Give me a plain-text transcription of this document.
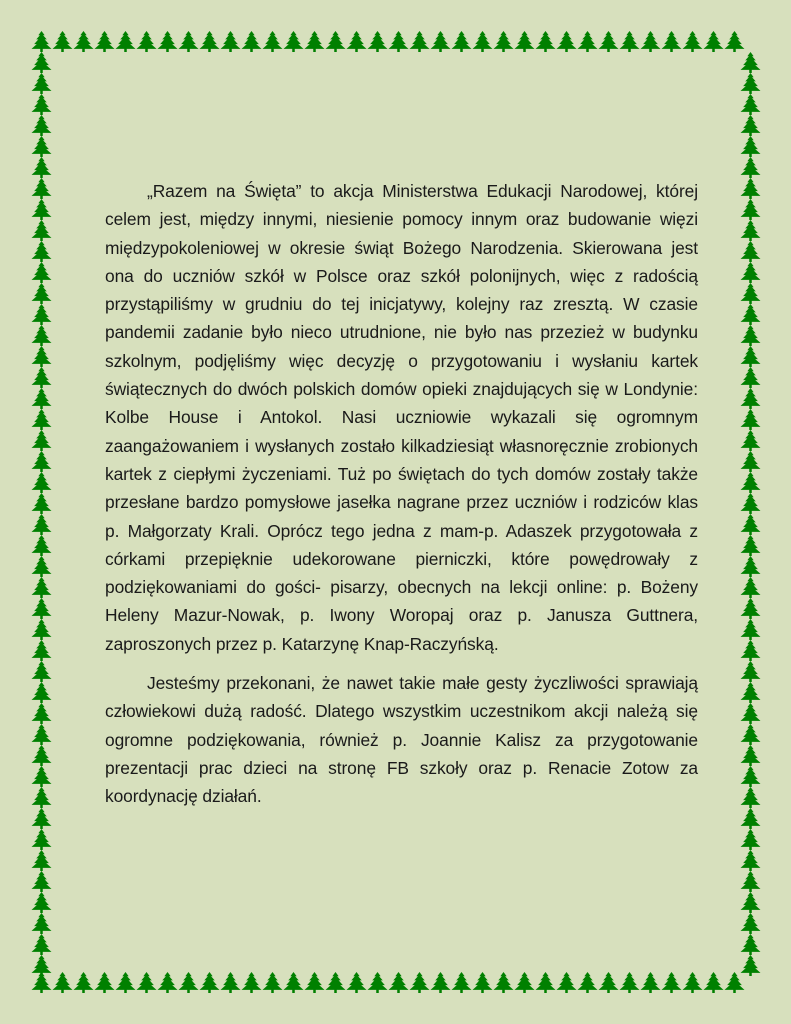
„Razem na Święta” to akcja Ministerstwa Edukacji Narodowej, której celem jest, między innymi, niesienie pomocy innym oraz budowanie więzi międzypokoleniowej w okresie świąt Bożego Narodzenia. Skierowana jest ona do uczniów szkół w Polsce oraz szkół polonijnych, więc z radością przystąpiliśmy w grudniu do tej inicjatywy, kolejny raz zresztą. W czasie pandemii zadanie było nieco utrudnione, nie było nas przezież w budynku szkolnym, podjęliśmy więc decyzję o przygotowaniu i wysłaniu kartek świątecznych do dwóch polskich domów opieki znajdujących się w Londynie: Kolbe House i Antokol. Nasi uczniowie wykazali się ogromnym zaangażowaniem i wysłanych zostało kilkadziesiąt własnoręcznie zrobionych kartek z ciepłymi życzeniami. Tuż po świętach do tych domów zostały także przesłane bardzo pomysłowe jasełka nagrane przez uczniów i rodziców klas p. Małgorzaty Krali. Oprócz tego jedna z mam-p. Adaszek przygotowała z córkami przepięknie udekorowane pierniczki, które powędrowały z podziękowaniami do gości- pisarzy, obecnych na lekcji online: p. Bożeny Heleny Mazur-Nowak, p. Iwony Woropaj oraz p. Janusza Guttnera, zaproszonych przez p. Katarzynę Knap-Raczyńską.

Jesteśmy przekonani, że nawet takie małe gesty życzliwości sprawiają człowiekowi dużą radość. Dlatego wszystkim uczestnikom akcji należą się ogromne podziękowania, również p. Joannie Kalisz za przygotowanie prezentacji prac dzieci na stronę FB szkoły oraz p. Renacie Zotow za koordynację działań.
